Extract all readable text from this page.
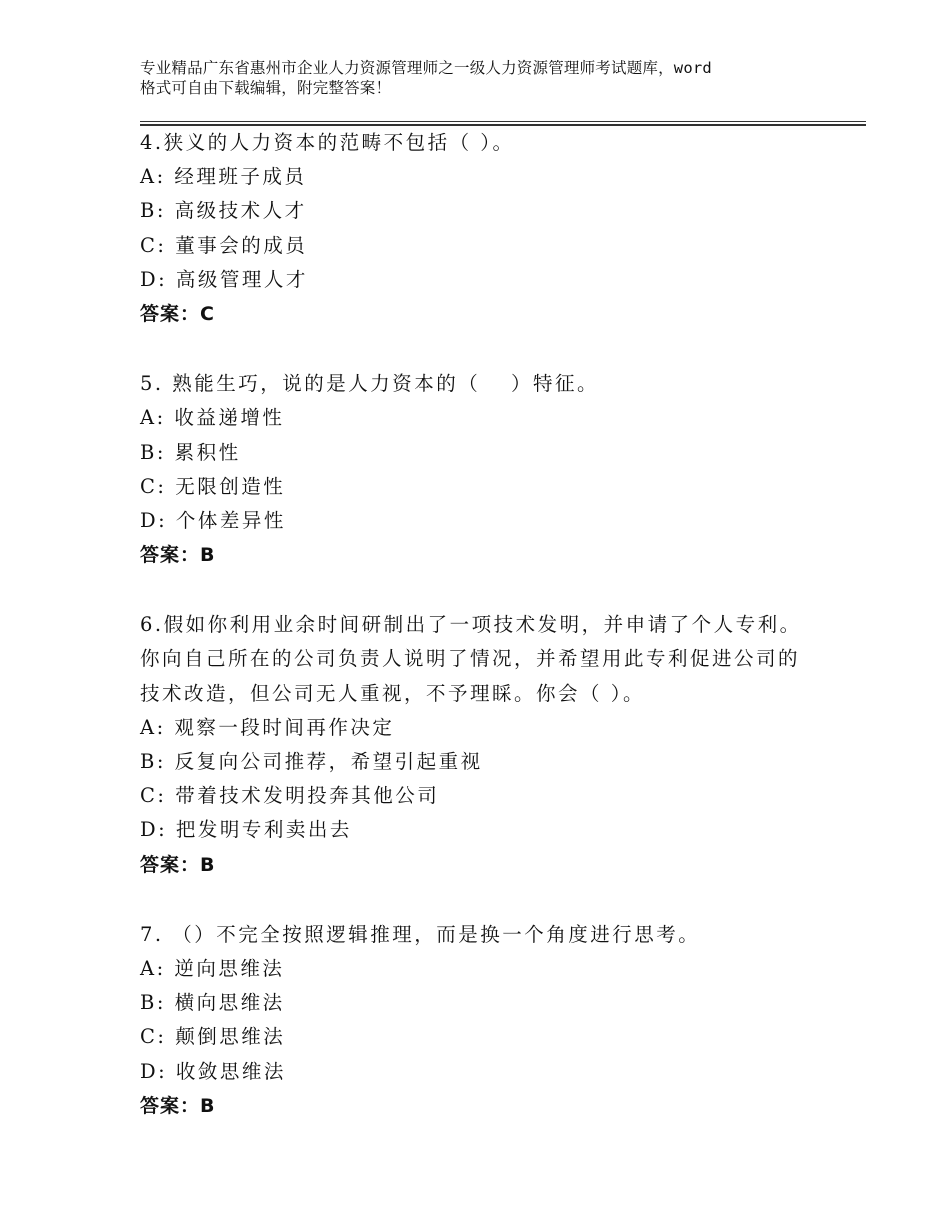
专业精品广东省惠州市企业人力资源管理师之一级人力资源管理师考试题库，word
格式可自由下载编辑，附完整答案！
4.狭义的人力资本的范畴不包括（ ）。
A: 经理班子成员
B: 高级技术人才
C: 董事会的成员
D: 高级管理人才
答案：C
5. 熟能生巧，说的是人力资本的（　 ）特征。
A: 收益递增性
B: 累积性
C: 无限创造性
D: 个体差异性
答案：B
6.假如你利用业余时间研制出了一项技术发明，并申请了个人专利。
你向自己所在的公司负责人说明了情况，并希望用此专利促进公司的
技术改造，但公司无人重视，不予理睬。你会（ ）。
A: 观察一段时间再作决定
B: 反复向公司推荐，希望引起重视
C: 带着技术发明投奔其他公司
D: 把发明专利卖出去
答案：B
7. （）不完全按照逻辑推理，而是换一个角度进行思考。
A: 逆向思维法
B: 横向思维法
C: 颠倒思维法
D: 收敛思维法
答案：B
